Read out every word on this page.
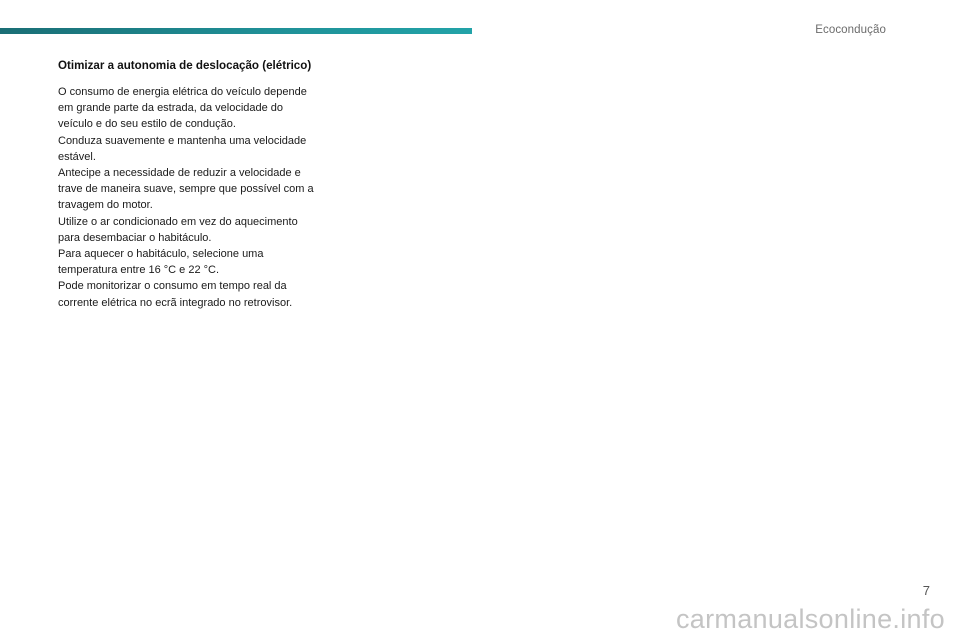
Ecocondução
Otimizar a autonomia de deslocação (elétrico)
O consumo de energia elétrica do veículo depende
em grande parte da estrada, da velocidade do
veículo e do seu estilo de condução.
Conduza suavemente e mantenha uma velocidade
estável.
Antecipe a necessidade de reduzir a velocidade e
trave de maneira suave, sempre que possível com a
travagem do motor.
Utilize o ar condicionado em vez do aquecimento
para desembaciar o habitáculo.
Para aquecer o habitáculo, selecione uma
temperatura entre 16 °C e 22 °C.
Pode monitorizar o consumo em tempo real da
corrente elétrica no ecrã integrado no retrovisor.
7
carmanualsonline.info
